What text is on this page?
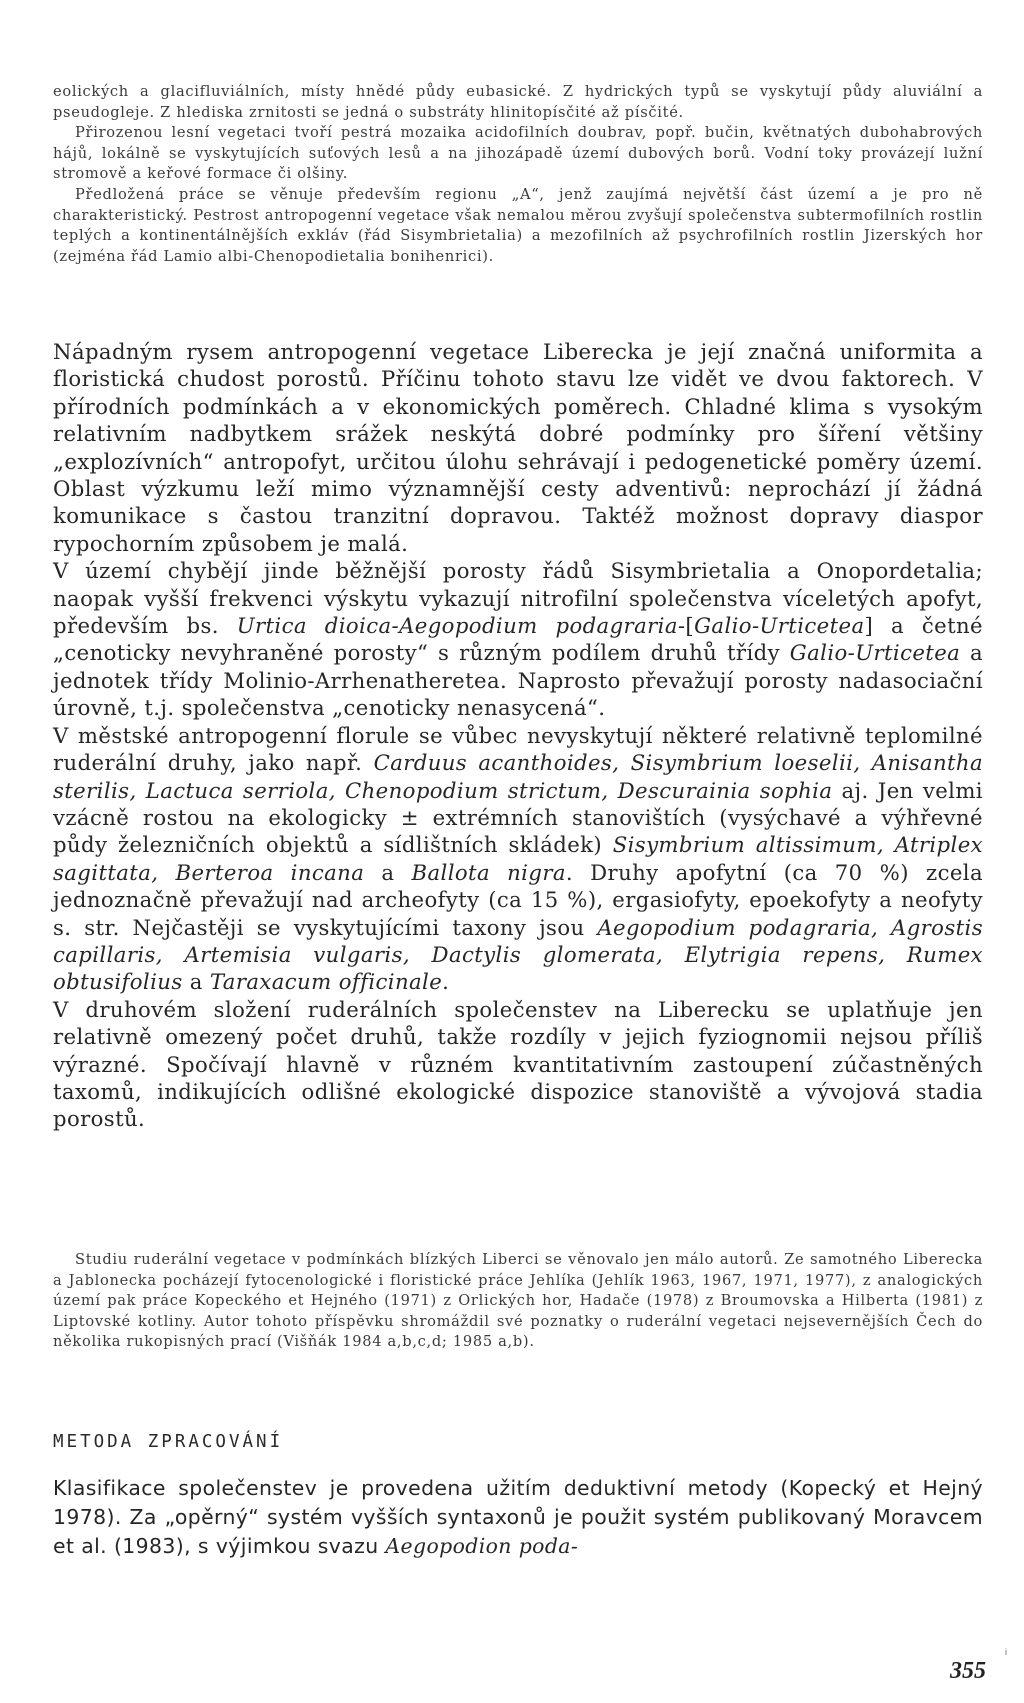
eolických a glacifluviálních, místy hnědé půdy eubasické. Z hydrických typů se vyskytují půdy aluviální a pseudogleje. Z hlediska zrnitosti se jedná o substráty hlinitopísčité až písčité.

Přirozenou lesní vegetaci tvoří pestrá mozaika acidofilních doubrav, popř. bučin, květnatých dubohabrových hájů, lokálně se vyskytujících suťových lesů a na jihozápadě území dubových borů. Vodní toky provázejí lužní stromově a keřové formace či olšiny.

Předložená práce se věnuje především regionu „A“, jenž zaujímá největší část území a je pro ně charakteristický. Pestrost antropogenní vegetace však nemalou měrou zvyšují společenstva subtermofilních rostlin teplých a kontinentálnějších exkláv (řád Sisymbrietalia) a mezofilních až psychrofilních rostlin Jizerských hor (zejména řád Lamio albi-Chenopodietalia bonihenrici).

Nápadným rysem antropogenní vegetace Liberecka je její značná uniformita a floristická chudost porostů. Příčinu tohoto stavu lze vidět ve dvou faktorech. V přírodních podmínkách a v ekonomických poměrech. Chladné klima s vysokým relativním nadbytkem srážek neskýtá dobré podmínky pro šíření většiny „explozívních“ antropofyt, určitou úlohu sehrávají i pedogenetické poměry území. Oblast výzkumu leží mimo významnější cesty adventivů: neprochází jí žádná komunikace s častou tranzitní dopravou. Taktéž možnost dopravy diaspor rypochorním způsobem je malá.

V území chybějí jinde běžnější porosty řádů Sisymbrietalia a Onopordetalia; naopak vyšší frekvenci výskytu vykazují nitrofilní společenstva víceletých apofyt, především bs. Urtica dioica-Aegopodium podagraria-[Galio-Urticetea] a četné „cenoticky nevyhraněné porosty“ s různým podílem druhů třídy Galio-Urticetea a jednotek třídy Molinio-Arrhenatheretea. Naprosto převažují porosty nadasociační úrovně, t.j. společenstva „cenoticky nenasycená“.

V městské antropogenní florule se vůbec nevyskytují některé relativně teplomilné ruderální druhy, jako např. Carduus acanthoides, Sisymbrium loeselii, Anisantha sterilis, Lactuca serriola, Chenopodium strictum, Descurainia sophia aj. Jen velmi vzácně rostou na ekologicky ± extrémních stanovištích (vysýchavé a výhřevné půdy železničních objektů a sídlištních skládek) Sisymbrium altissimum, Atriplex sagittata, Berteroa incana a Ballota nigra. Druhy apofytní (ca 70 %) zcela jednoznačně převažují nad archeofyty (ca 15 %), ergasiofyty, epoekofyty a neofyty s. str. Nejčastěji se vyskytujícími taxony jsou Aegopodium podagraria, Agrostis capillaris, Artemisia vulgaris, Dactylis glomerata, Elytrigia repens, Rumex obtusifolius a Taraxacum officinale.

V druhovém složení ruderálních společenstev na Liberecku se uplatňuje jen relativně omezený počet druhů, takže rozdíly v jejich fyziognomii nejsou příliš výrazné. Spočívají hlavně v různém kvantitativním zastoupení zúčastněných taxomů, indikujících odlišné ekologické dispozice stanoviště a vývojová stadia porostů.

Studiu ruderální vegetace v podmínkách blízkých Liberci se věnovalo jen málo autorů. Ze samotného Liberecka a Jablonecka pocházejí fytocenologické i floristické práce Jehlíka (Jehlík 1963, 1967, 1971, 1977), z analogických území pak práce Kopeckého et Hejného (1971) z Orlických hor, Hadače (1978) z Broumovska a Hilberta (1981) z Liptovské kotliny. Autor tohoto příspěvku shromáždil své poznatky o ruderální vegetaci nejsevernějších Čech do několika rukopisných prací (Višňák 1984 a,b,c,d; 1985 a,b).

METODA ZPRACOVÁNÍ

Klasifikace společenstev je provedena užitím deduktivní metody (Kopecký et Hejný 1978). Za „opěrný“ systém vyšších syntaxonů je použit systém publikovaný Moravcem et al. (1983), s výjimkou svazu Aegopodion poda-

355
i
